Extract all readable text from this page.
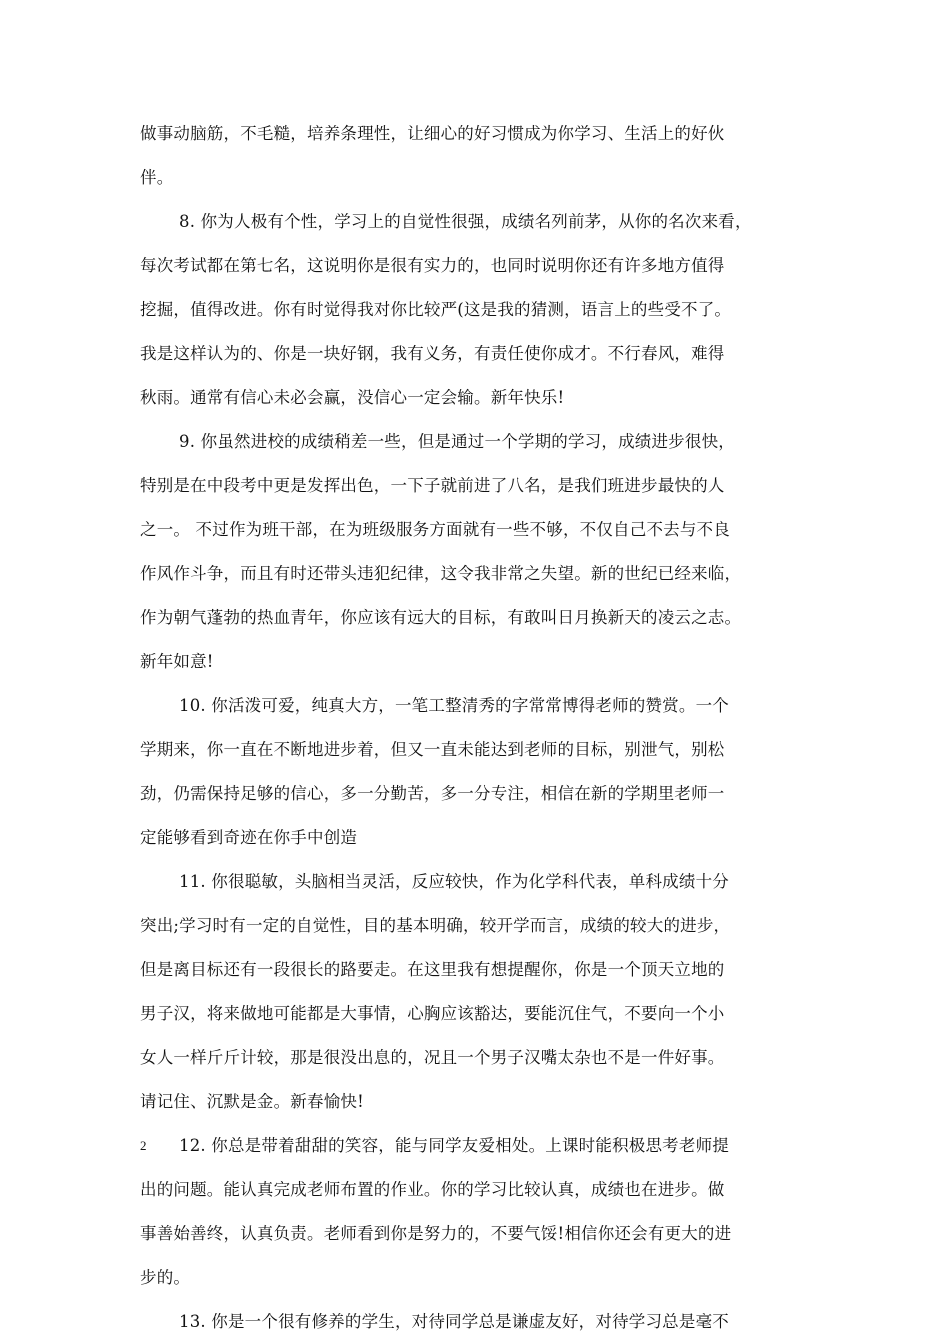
做事动脑筋，不毛糙，培养条理性，让细心的好习惯成为你学习、生活上的好伙
伴。
8. 你为人极有个性，学习上的自觉性很强，成绩名列前茅，从你的名次来看，
每次考试都在第七名，这说明你是很有实力的，也同时说明你还有许多地方值得
挖掘，值得改进。你有时觉得我对你比较严(这是我的猜测，语言上的些受不了。
我是这样认为的、你是一块好钢，我有义务，有责任使你成才。不行春风，难得
秋雨。通常有信心未必会赢，没信心一定会输。新年快乐!
9. 你虽然进校的成绩稍差一些，但是通过一个学期的学习，成绩进步很快，
特别是在中段考中更是发挥出色，一下子就前进了八名，是我们班进步最快的人
之一。 不过作为班干部，在为班级服务方面就有一些不够，不仅自己不去与不良
作风作斗争，而且有时还带头违犯纪律，这令我非常之失望。新的世纪已经来临，
作为朝气蓬勃的热血青年，你应该有远大的目标，有敢叫日月换新天的凌云之志。
新年如意!
10. 你活泼可爱，纯真大方，一笔工整清秀的字常常博得老师的赞赏。一个
学期来，你一直在不断地进步着，但又一直未能达到老师的目标，别泄气，别松
劲，仍需保持足够的信心，多一分勤苦，多一分专注，相信在新的学期里老师一
定能够看到奇迹在你手中创造
11. 你很聪敏，头脑相当灵活，反应较快，作为化学科代表，单科成绩十分
突出;学习时有一定的自觉性，目的基本明确，较开学而言，成绩的较大的进步，
但是离目标还有一段很长的路要走。在这里我有想提醒你，你是一个顶天立地的
男子汉，将来做地可能都是大事情，心胸应该豁达，要能沉住气，不要向一个小
女人一样斤斤计较，那是很没出息的，况且一个男子汉嘴太杂也不是一件好事。
请记住、沉默是金。新春愉快!
12. 你总是带着甜甜的笑容，能与同学友爱相处。上课时能积极思考老师提
出的问题。能认真完成老师布置的作业。你的学习比较认真，成绩也在进步。做
事善始善终，认真负责。老师看到你是努力的，不要气馁!相信你还会有更大的进
步的。
13. 你是一个很有修养的学生，对待同学总是谦虚友好，对待学习总是毫不
2
